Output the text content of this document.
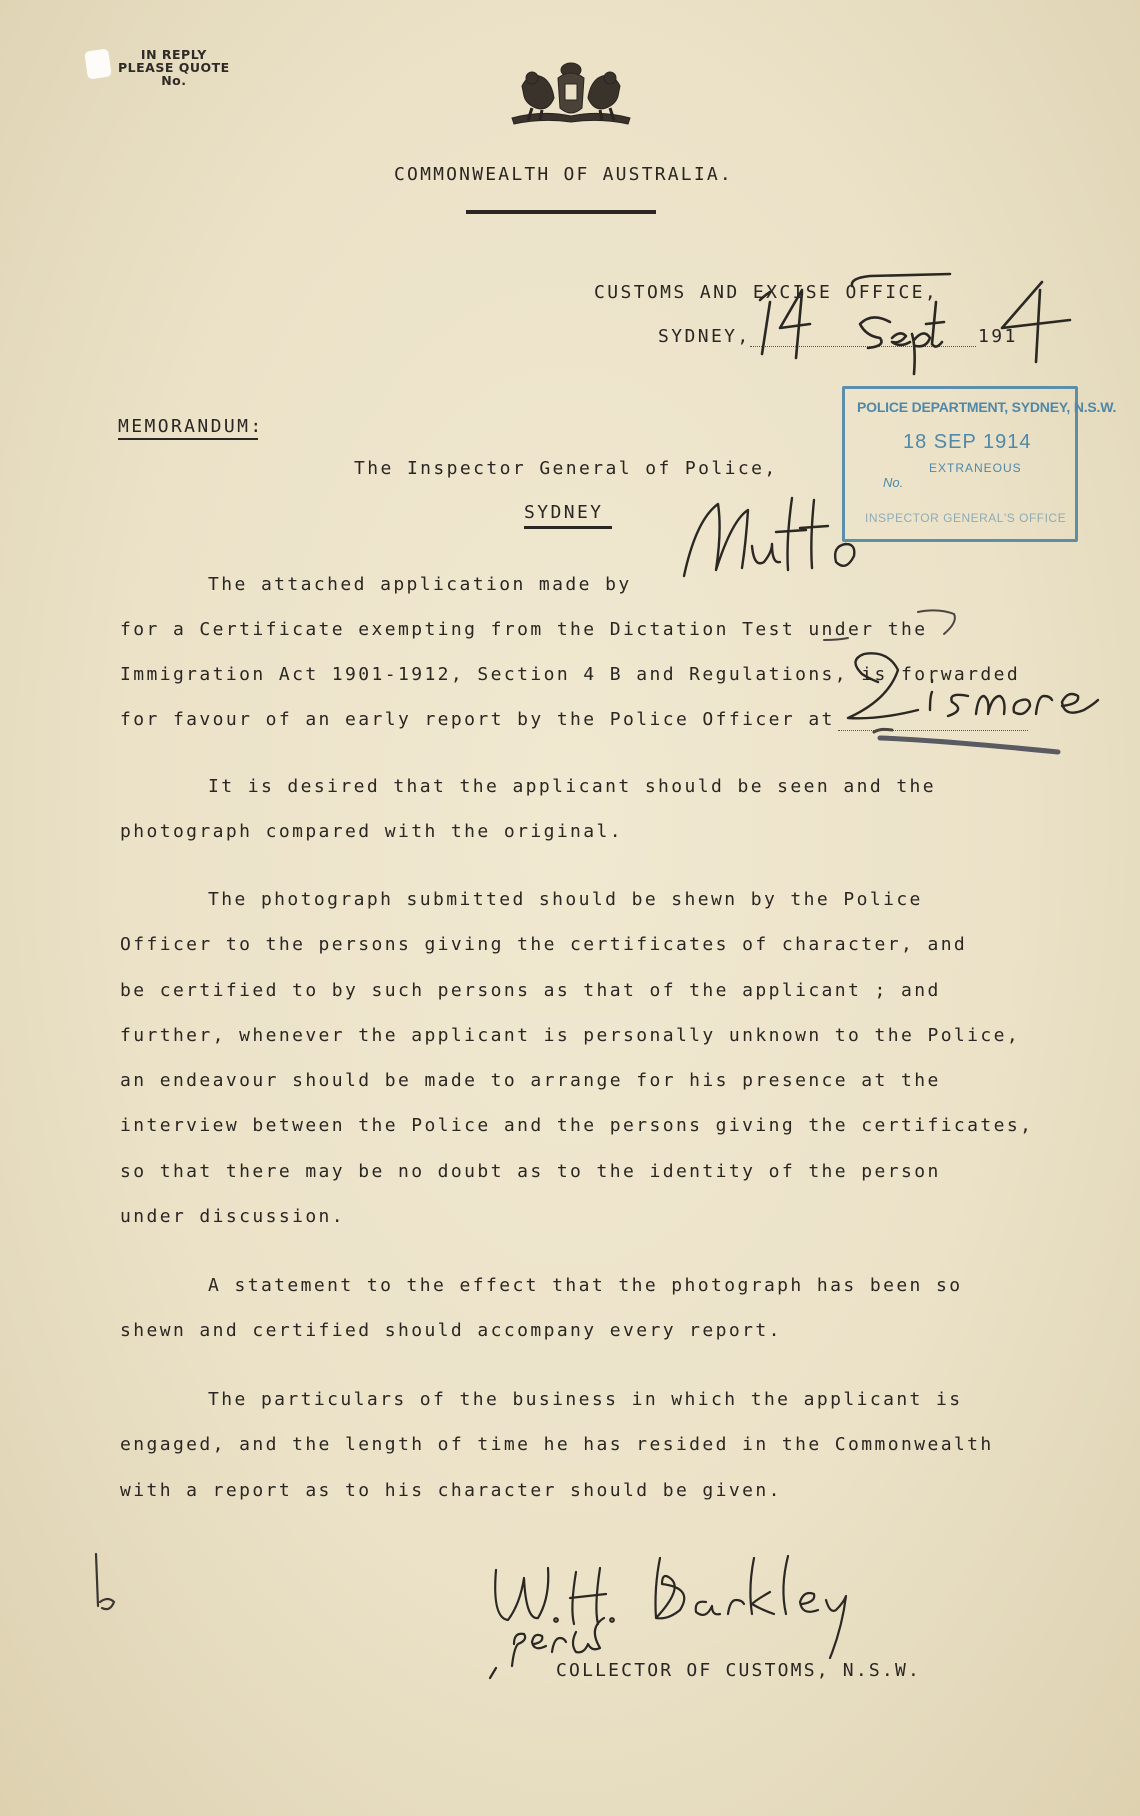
IN REPLY
PLEASE QUOTE
No.
COMMONWEALTH OF AUSTRALIA.
CUSTOMS AND EXCISE OFFICE,
SYDNEY,	191
MEMORANDUM:
The Inspector General of Police,
SYDNEY
POLICE DEPARTMENT, SYDNEY, N.S.W.
18 SEP 1914
EXTRANEOUS
No.
INSPECTOR GENERAL'S OFFICE
The attached application made by
for a Certificate exempting from the Dictation Test under the
Immigration Act 1901-1912, Section 4 B and Regulations, is forwarded
for favour of an early report by the Police Officer at
It is desired that the applicant should be seen and the
photograph compared with the original.
The photograph submitted should be shewn by the Police
Officer to the persons giving the certificates of character, and
be certified to by such persons as that of the applicant ; and
further, whenever the applicant is personally unknown to the Police,
an endeavour should be made to arrange for his presence at the
interview between the Police and the persons giving the certificates,
so that there may be no doubt as to the identity of the person
under discussion.
A statement to the effect that the photograph has been so
shewn and certified should accompany every report.
The particulars of the business in which the applicant is
engaged, and the length of time he has resided in the Commonwealth
with a report as to his character should be given.
COLLECTOR OF CUSTOMS, N.S.W.
